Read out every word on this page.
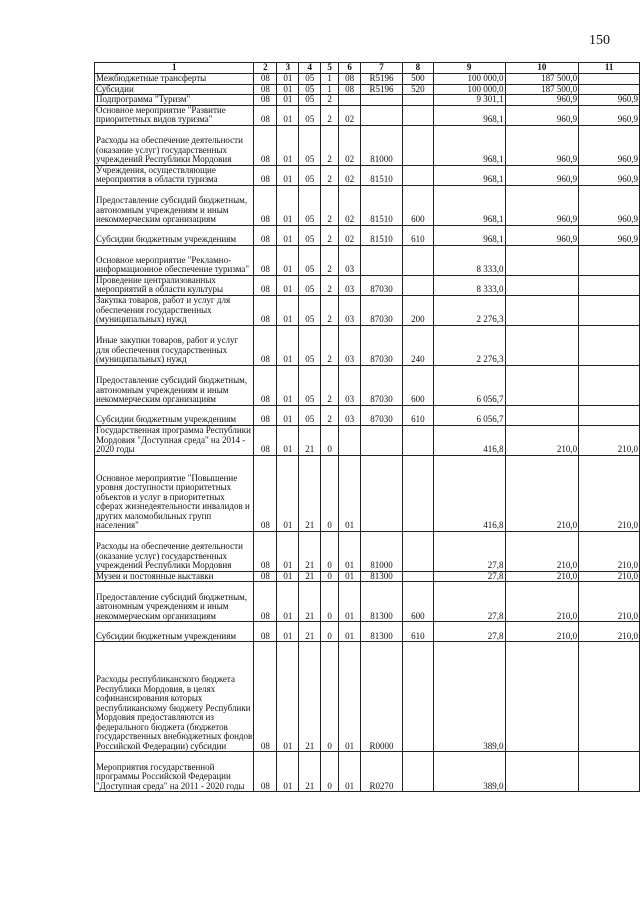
150
1	2	3	4	5	6	7	8	9	10	11
Межбюджетные трансферты	08	01	05	1	08	R5196	500	100 000,0	187 500,0	
Субсидии	08	01	05	1	08	R5196	520	100 000,0	187 500,0	
Подпрограмма "Туризм"	08	01	05	2				9 301,1	960,9	960,9
Основное мероприятие "Развитие приоритетных видов туризма"	08	01	05	2	02			968,1	960,9	960,9
Расходы на обеспечение деятельности (оказание услуг) государственных учреждений Республики Мордовия	08	01	05	2	02	81000		968,1	960,9	960,9
Учреждения, осуществляющие мероприятия в области туризма	08	01	05	2	02	81510		968,1	960,9	960,9
Предоставление субсидий бюджетным, автономным учреждениям и иным некоммерческим организациям	08	01	05	2	02	81510	600	968,1	960,9	960,9
Субсидии бюджетным учреждениям	08	01	05	2	02	81510	610	968,1	960,9	960,9
Основное мероприятие "Рекламно-информационное обеспечение туризма"	08	01	05	2	03			8 333,0		
Проведение централизованных мероприятий в области культуры	08	01	05	2	03	87030		8 333,0		
Закупка товаров, работ и услуг для обеспечения государственных (муниципальных) нужд	08	01	05	2	03	87030	200	2 276,3		
Иные закупки товаров, работ и услуг для обеспечения государственных (муниципальных) нужд	08	01	05	2	03	87030	240	2 276,3		
Предоставление субсидий бюджетным, автономным учреждениям и иным некоммерческим организациям	08	01	05	2	03	87030	600	6 056,7		
Субсидии бюджетным учреждениям	08	01	05	2	03	87030	610	6 056,7		
Государственная программа Республики Мордовия "Доступная среда" на 2014 - 2020 годы	08	01	21	0				416,8	210,0	210,0
Основное мероприятие "Повышение уровня доступности приоритетных объектов и услуг в приоритетных сферах жизнедеятельности инвалидов и других маломобильных групп населения"	08	01	21	0	01			416,8	210,0	210,0
Расходы на обеспечение деятельности (оказание услуг) государственных учреждений Республики Мордовия	08	01	21	0	01	81000		27,8	210,0	210,0
Музеи и постоянные выставки	08	01	21	0	01	81300		27,8	210,0	210,0
Предоставление субсидий бюджетным, автономным учреждениям и иным некоммерческим организациям	08	01	21	0	01	81300	600	27,8	210,0	210,0
Субсидии бюджетным учреждениям	08	01	21	0	01	81300	610	27,8	210,0	210,0
Расходы республиканского бюджета Республики Мордовия, в целях софинансирования которых республиканскому бюджету Республики Мордовия предоставляются из федерального бюджета (бюджетов государственных внебюджетных фондов Российской Федерации) субсидии	08	01	21	0	01	R0000		389,0		
Мероприятия государственной программы Российской Федерации "Доступная среда" на 2011 - 2020 годы	08	01	21	0	01	R0270		389,0		
